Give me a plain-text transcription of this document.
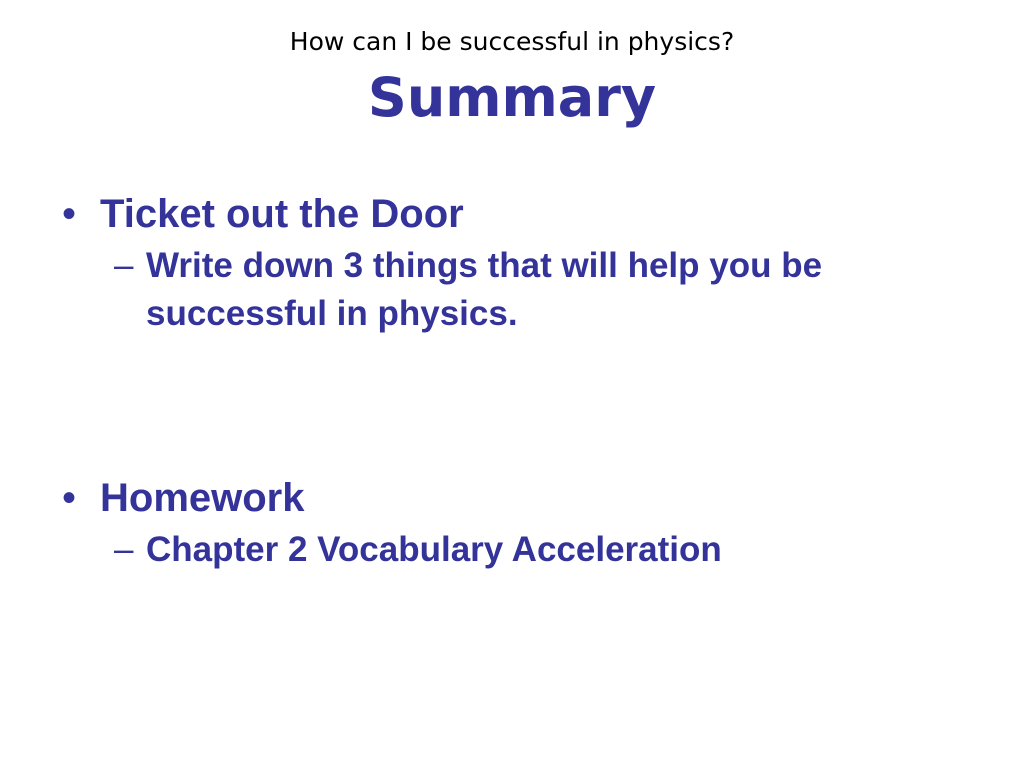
How can I be successful in physics?
Summary
• Ticket out the Door
– Write down 3 things that will help you be successful in physics.
• Homework
– Chapter 2 Vocabulary Acceleration
